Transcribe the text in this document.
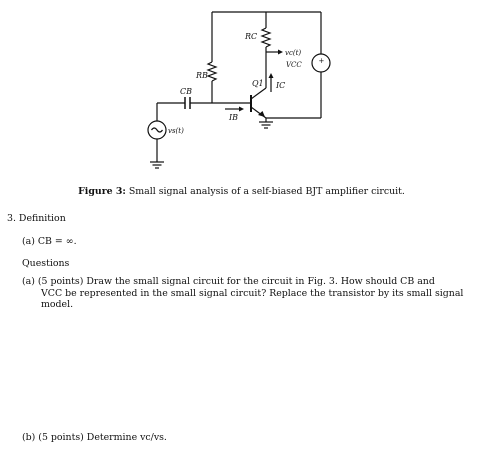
RC
vc(t)
VCC +
Q1 IC
RB
CB
IB
vs(t)
Figure 3: Small signal analysis of a self-biased BJT amplifier circuit.
3. Definition
(a) CB = ∞.
Questions
(a) (5 points) Draw the small signal circuit for the circuit in Fig. 3. How should CB and
VCC be represented in the small signal circuit? Replace the transistor by its small signal
model.
(b) (5 points) Determine vc/vs.
